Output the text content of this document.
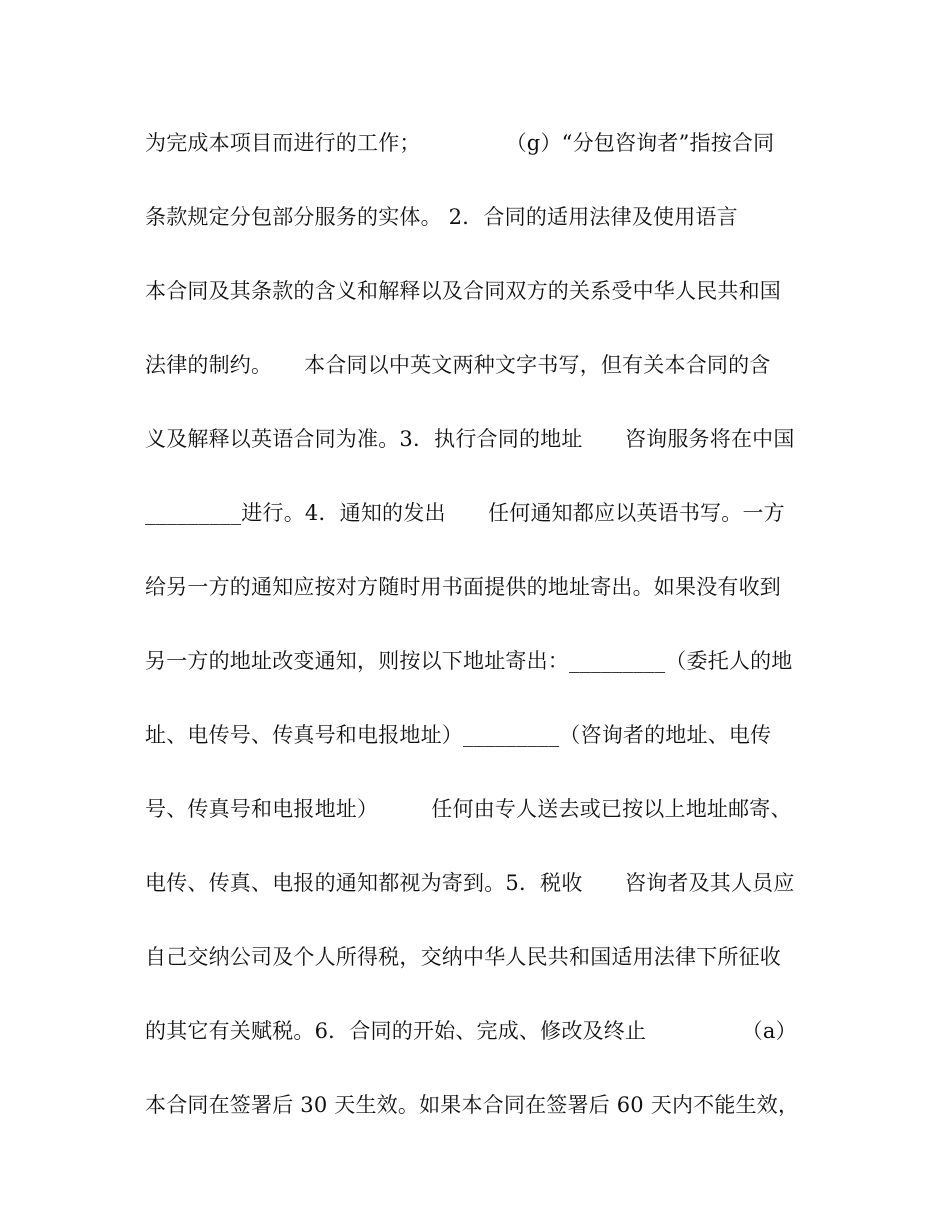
为完成本项目而进行的工作；　　　　　（g）“分包咨询者”指按合同
条款规定分包部分服务的实体。 2．合同的适用法律及使用语言
本合同及其条款的含义和解释以及合同双方的关系受中华人民共和国
法律的制约。　　本合同以中英文两种文字书写，但有关本合同的含
义及解释以英语合同为准。3．执行合同的地址　　咨询服务将在中国
_________进行。4．通知的发出　　任何通知都应以英语书写。一方
给另一方的通知应按对方随时用书面提供的地址寄出。如果没有收到
另一方的地址改变通知，则按以下地址寄出：_________（委托人的地
址、电传号、传真号和电报地址）_________（咨询者的地址、电传
号、传真号和电报地址）　　　任何由专人送去或已按以上地址邮寄、
电传、传真、电报的通知都视为寄到。5．税收　　咨询者及其人员应
自己交纳公司及个人所得税，交纳中华人民共和国适用法律下所征收
的其它有关赋税。6．合同的开始、完成、修改及终止　　　　　（a）
本合同在签署后 30 天生效。如果本合同在签署后 60 天内不能生效，
